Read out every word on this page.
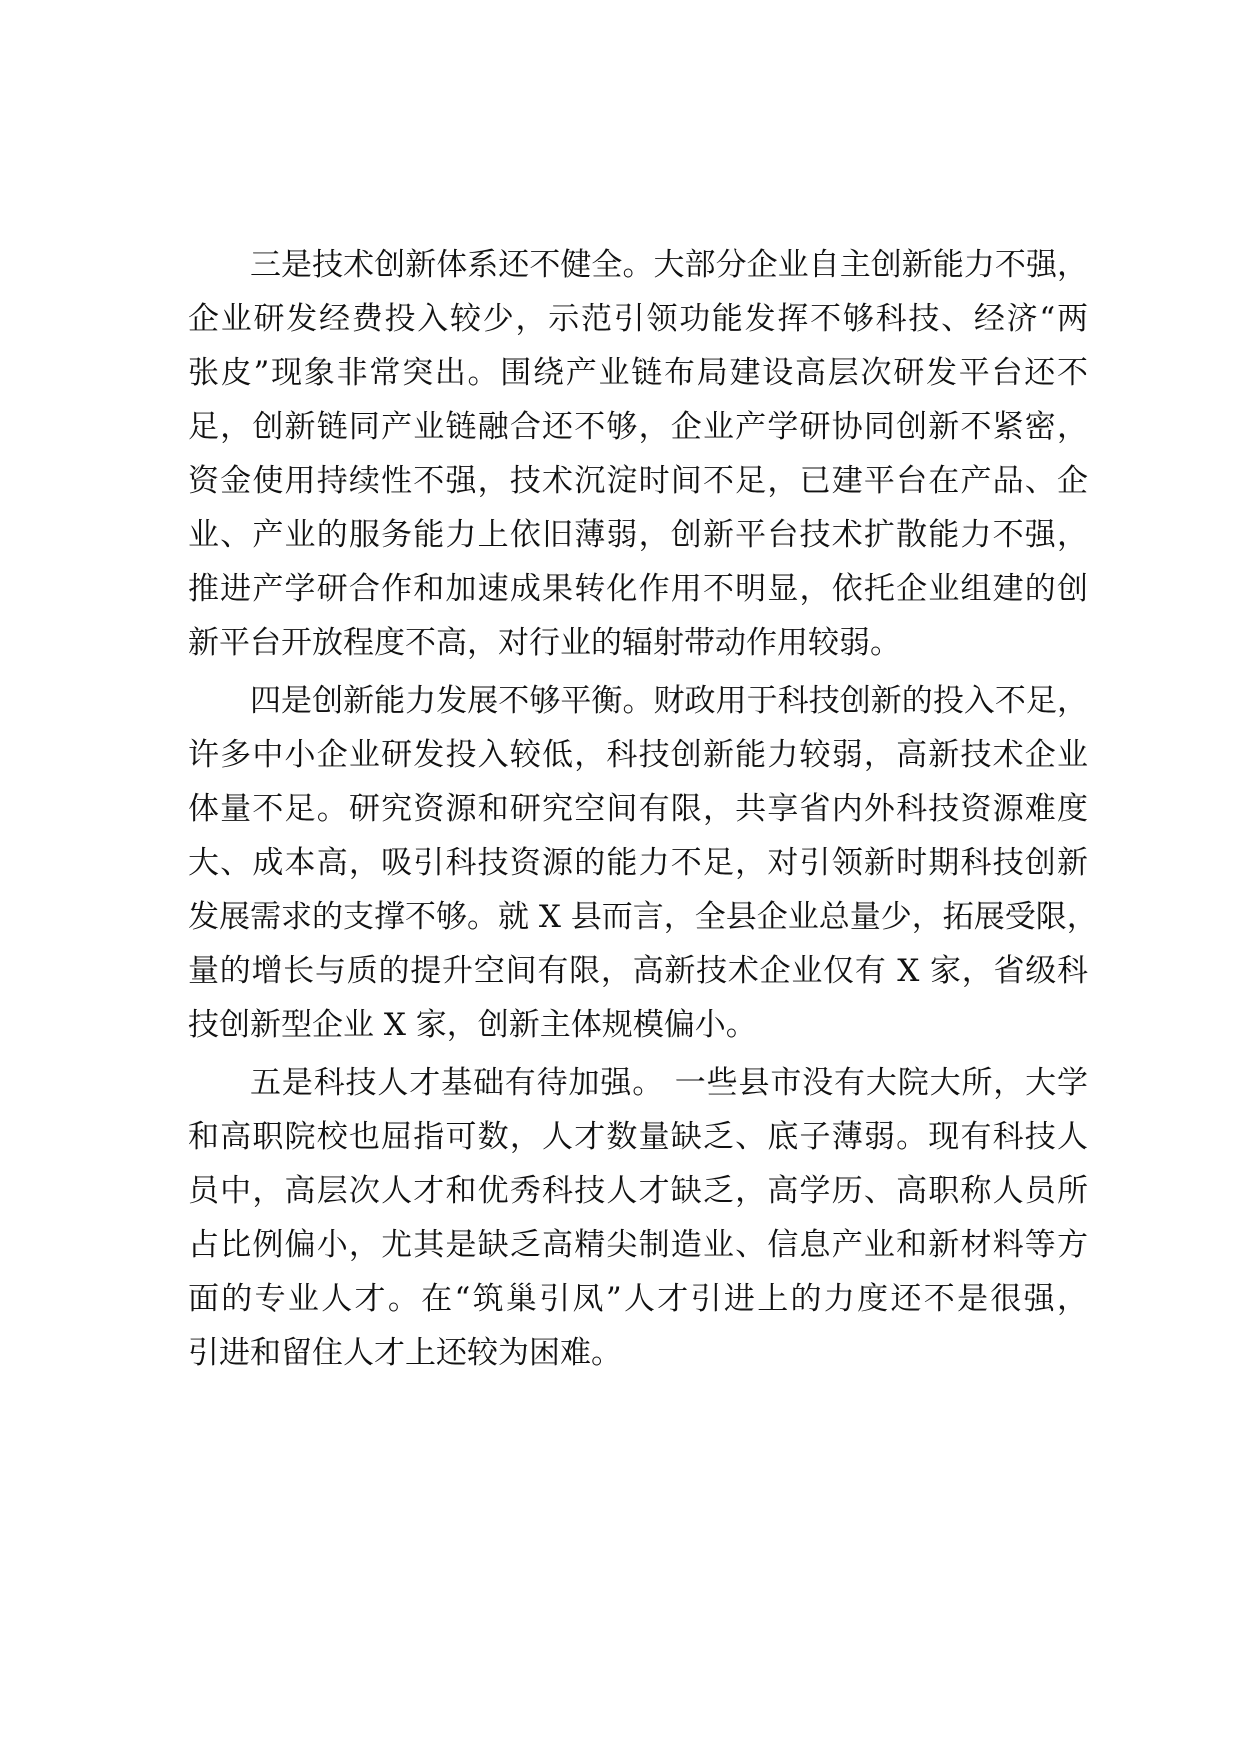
三是技术创新体系还不健全。大部分企业自主创新能力不强，
企业研发经费投入较少，示范引领功能发挥不够科技、经济“两
张皮”现象非常突出。围绕产业链布局建设高层次研发平台还不
足，创新链同产业链融合还不够，企业产学研协同创新不紧密，
资金使用持续性不强，技术沉淀时间不足，已建平台在产品、企
业、产业的服务能力上依旧薄弱，创新平台技术扩散能力不强，
推进产学研合作和加速成果转化作用不明显，依托企业组建的创
新平台开放程度不高，对行业的辐射带动作用较弱。
四是创新能力发展不够平衡。财政用于科技创新的投入不足，
许多中小企业研发投入较低，科技创新能力较弱，高新技术企业
体量不足。研究资源和研究空间有限，共享省内外科技资源难度
大、成本高，吸引科技资源的能力不足，对引领新时期科技创新
发展需求的支撑不够。就 X 县而言，全县企业总量少，拓展受限，
量的增长与质的提升空间有限，高新技术企业仅有 X 家，省级科
技创新型企业 X 家，创新主体规模偏小。
五是科技人才基础有待加强。 一些县市没有大院大所，大学
和高职院校也屈指可数，人才数量缺乏、底子薄弱。现有科技人
员中，高层次人才和优秀科技人才缺乏，高学历、高职称人员所
占比例偏小，尤其是缺乏高精尖制造业、信息产业和新材料等方
面的专业人才。在“筑巢引凤”人才引进上的力度还不是很强，
引进和留住人才上还较为困难。
